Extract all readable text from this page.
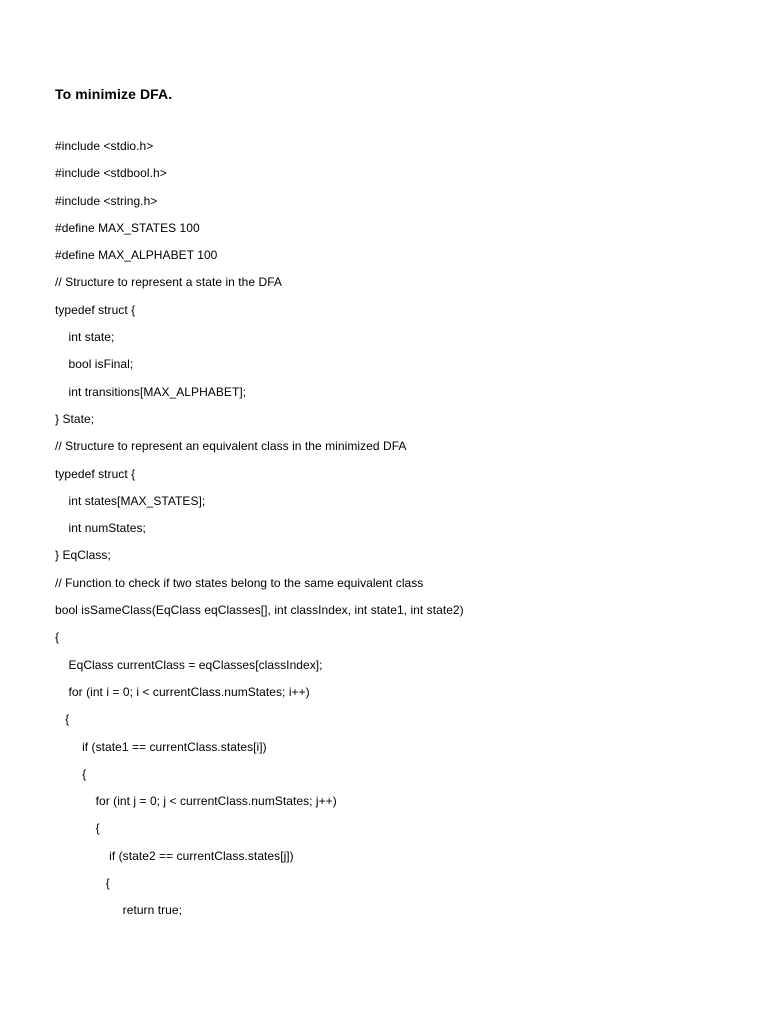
To minimize DFA.
#include <stdio.h>
#include <stdbool.h>
#include <string.h>
#define MAX_STATES 100
#define MAX_ALPHABET 100
// Structure to represent a state in the DFA
typedef struct {
int state;
bool isFinal;
int transitions[MAX_ALPHABET];
} State;
// Structure to represent an equivalent class in the minimized DFA
typedef struct {
int states[MAX_STATES];
int numStates;
} EqClass;
// Function to check if two states belong to the same equivalent class
bool isSameClass(EqClass eqClasses[], int classIndex, int state1, int state2)
{
EqClass currentClass = eqClasses[classIndex];
for (int i = 0; i < currentClass.numStates; i++)
{
if (state1 == currentClass.states[i])
{
for (int j = 0; j < currentClass.numStates; j++)
{
if (state2 == currentClass.states[j])
{
return true;
